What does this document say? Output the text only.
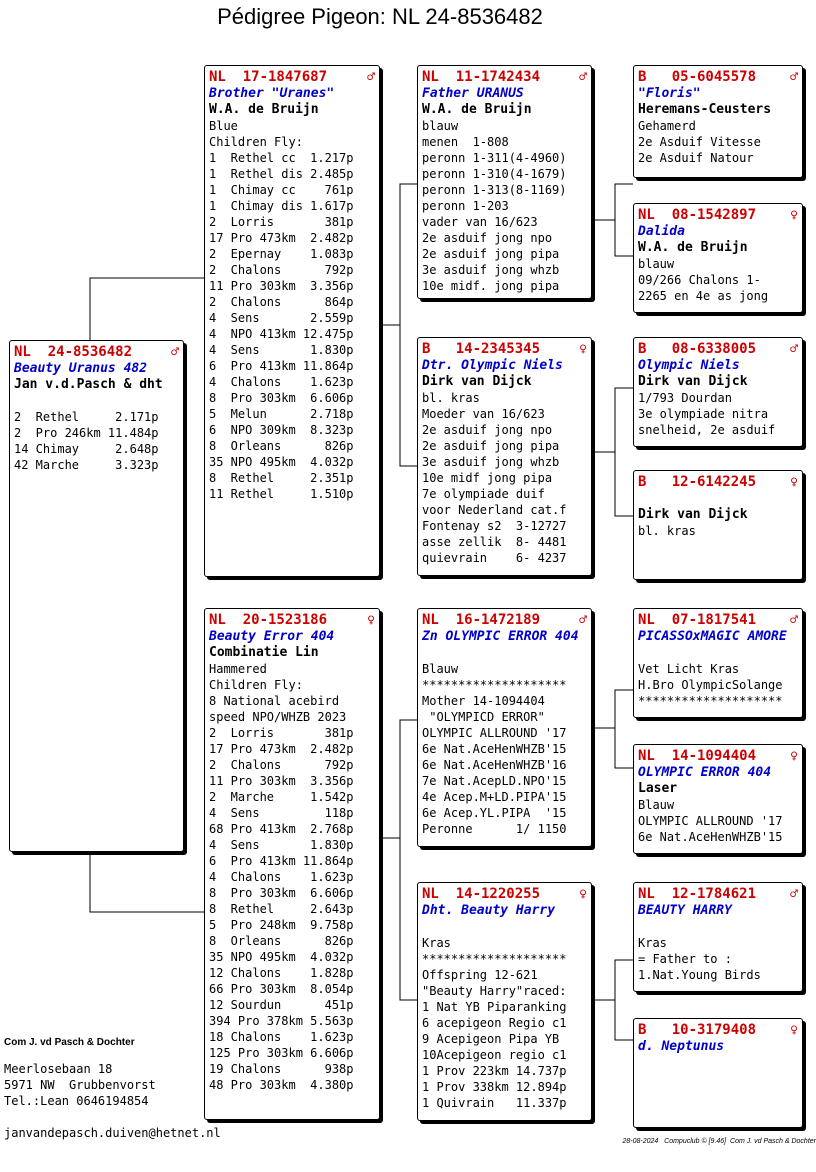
Pédigree Pigeon: NL 24-8536482
NL  24-8536482	♂
Beauty Uranus 482
Jan v.d.Pasch & dht
2  Rethel     2.171p
2  Pro 246km 11.484p
14 Chimay     2.648p
42 Marche     3.323p
NL  17-1847687	♂
Brother "Uranes"
W.A. de Bruijn
Blue
Children Fly:
1  Rethel cc  1.217p
1  Rethel dis 2.485p
1  Chimay cc    761p
1  Chimay dis 1.617p
2  Lorris       381p
17 Pro 473km  2.482p
2  Epernay    1.083p
2  Chalons      792p
11 Pro 303km  3.356p
2  Chalons      864p
4  Sens       2.559p
4  NPO 413km 12.475p
4  Sens       1.830p
6  Pro 413km 11.864p
4  Chalons    1.623p
8  Pro 303km  6.606p
5  Melun      2.718p
6  NPO 309km  8.323p
8  Orleans      826p
35 NPO 495km  4.032p
8  Rethel     2.351p
11 Rethel     1.510p
NL  20-1523186	♀
Beauty Error 404
Combinatie Lin
Hammered
Children Fly:
8 National acebird
speed NPO/WHZB 2023
2  Lorris       381p
17 Pro 473km  2.482p
2  Chalons      792p
11 Pro 303km  3.356p
2  Marche     1.542p
4  Sens         118p
68 Pro 413km  2.768p
4  Sens       1.830p
6  Pro 413km 11.864p
4  Chalons    1.623p
8  Pro 303km  6.606p
8  Rethel     2.643p
5  Pro 248km  9.758p
8  Orleans      826p
35 NPO 495km  4.032p
12 Chalons    1.828p
66 Pro 303km  8.054p
12 Sourdun      451p
394 Pro 378km 5.563p
18 Chalons    1.623p
125 Pro 303km 6.606p
19 Chalons      938p
48 Pro 303km  4.380p
NL  11-1742434	♂
Father URANUS
W.A. de Bruijn
blauw
menen  1-808
peronn 1-311(4-4960)
peronn 1-310(4-1679)
peronn 1-313(8-1169)
peronn 1-203
vader van 16/623
2e asduif jong npo
2e asduif jong pipa
3e asduif jong whzb
10e midf. jong pipa
B   14-2345345	♀
Dtr. Olympic Niels
Dirk van Dijck
bl. kras
Moeder van 16/623
2e asduif jong npo
2e asduif jong pipa
3e asduif jong whzb
10e midf jong pipa
7e olympiade duif
voor Nederland cat.f
Fontenay s2  3-12727
asse zellik  8- 4481
quievrain    6- 4237
NL  16-1472189	♂
Zn OLYMPIC ERROR 404
Blauw
********************
Mother 14-1094404
"OLYMPICD ERROR"
OLYMPIC ALLROUND '17
6e Nat.AceHenWHZB'15
6e Nat.AceHenWHZB'16
7e Nat.AcepLD.NPO'15
4e Acep.M+LD.PIPA'15
6e Acep.YL.PIPA  '15
Peronne      1/ 1150
NL  14-1220255	♀
Dht. Beauty Harry
Kras
********************
Offspring 12-621
"Beauty Harry"raced:
1 Nat YB Piparanking
6 acepigeon Regio c1
9 Acepigeon Pipa YB
10Acepigeon regio c1
1 Prov 223km 14.737p
1 Prov 338km 12.894p
1 Quivrain   11.337p
B   05-6045578	♂
"Floris"
Heremans-Ceusters
Gehamerd
2e Asduif Vitesse
2e Asduif Natour
NL  08-1542897	♀
Dalida
W.A. de Bruijn
blauw
09/266 Chalons 1-
2265 en 4e as jong
B   08-6338005	♂
Olympic Niels
Dirk van Dijck
1/793 Dourdan
3e olympiade nitra
snelheid, 2e asduif
B   12-6142245	♀
Dirk van Dijck
bl. kras
NL  07-1817541	♂
PICASSOxMAGIC AMORE
Vet Licht Kras
H.Bro OlympicSolange
********************
NL  14-1094404	♀
OLYMPIC ERROR 404
Laser
Blauw
OLYMPIC ALLROUND '17
6e Nat.AceHenWHZB'15
NL  12-1784621	♂
BEAUTY HARRY
Kras
= Father to :
1.Nat.Young Birds
B   10-3179408	♀
d. Neptunus
Com J. vd Pasch & Dochter
Meerlosebaan 18
5971 NW  Grubbenvorst
Tel.:Lean 0646194854
janvandepasch.duiven@hetnet.nl
28-08-2024   Compuclub © [9.46]  Com J. vd Pasch & Dochter
